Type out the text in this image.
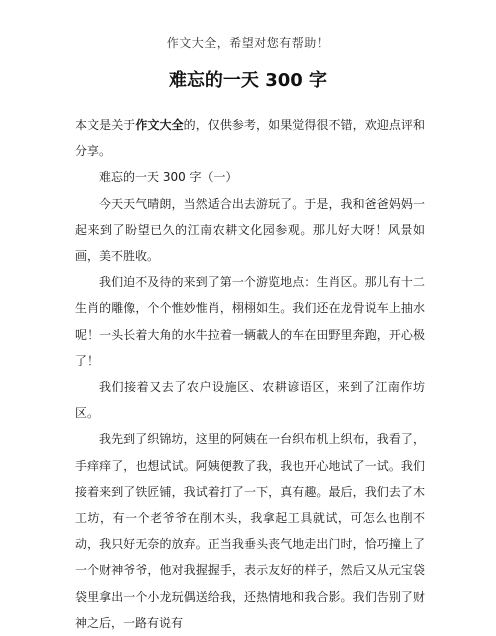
作文大全，希望对您有帮助！
难忘的一天 300 字

本文是关于作文大全的，仅供参考，如果觉得很不错，欢迎点评和分享。

难忘的一天 300 字（一）

今天天气晴朗，当然适合出去游玩了。于是，我和爸爸妈妈一起来到了盼望已久的江南农耕文化园参观。那儿好大呀！风景如画，美不胜收。

我们迫不及待的来到了第一个游览地点：生肖区。那儿有十二生肖的雕像，个个惟妙惟肖，栩栩如生。我们还在龙骨说车上抽水呢！一头长着大角的水牛拉着一辆載人的车在田野里奔跑，开心极了！

我们接着又去了农户设施区、农耕谚语区，来到了江南作坊区。

我先到了织锦坊，这里的阿姨在一台织布机上织布，我看了，手痒痒了，也想试试。阿姨便教了我，我也开心地试了一试。我们接着来到了铁匠铺，我试着打了一下，真有趣。最后，我们去了木工坊，有一个老爷爷在削木头，我拿起工具就试，可怎么也削不动，我只好无奈的放弃。正当我垂头丧气地走出门时，恰巧撞上了一个财神爷爷，他对我握握手，表示友好的样子，然后又从元宝袋袋里拿出一个小龙玩偶送给我，还热情地和我合影。我们告别了财神之后，一路有说有
